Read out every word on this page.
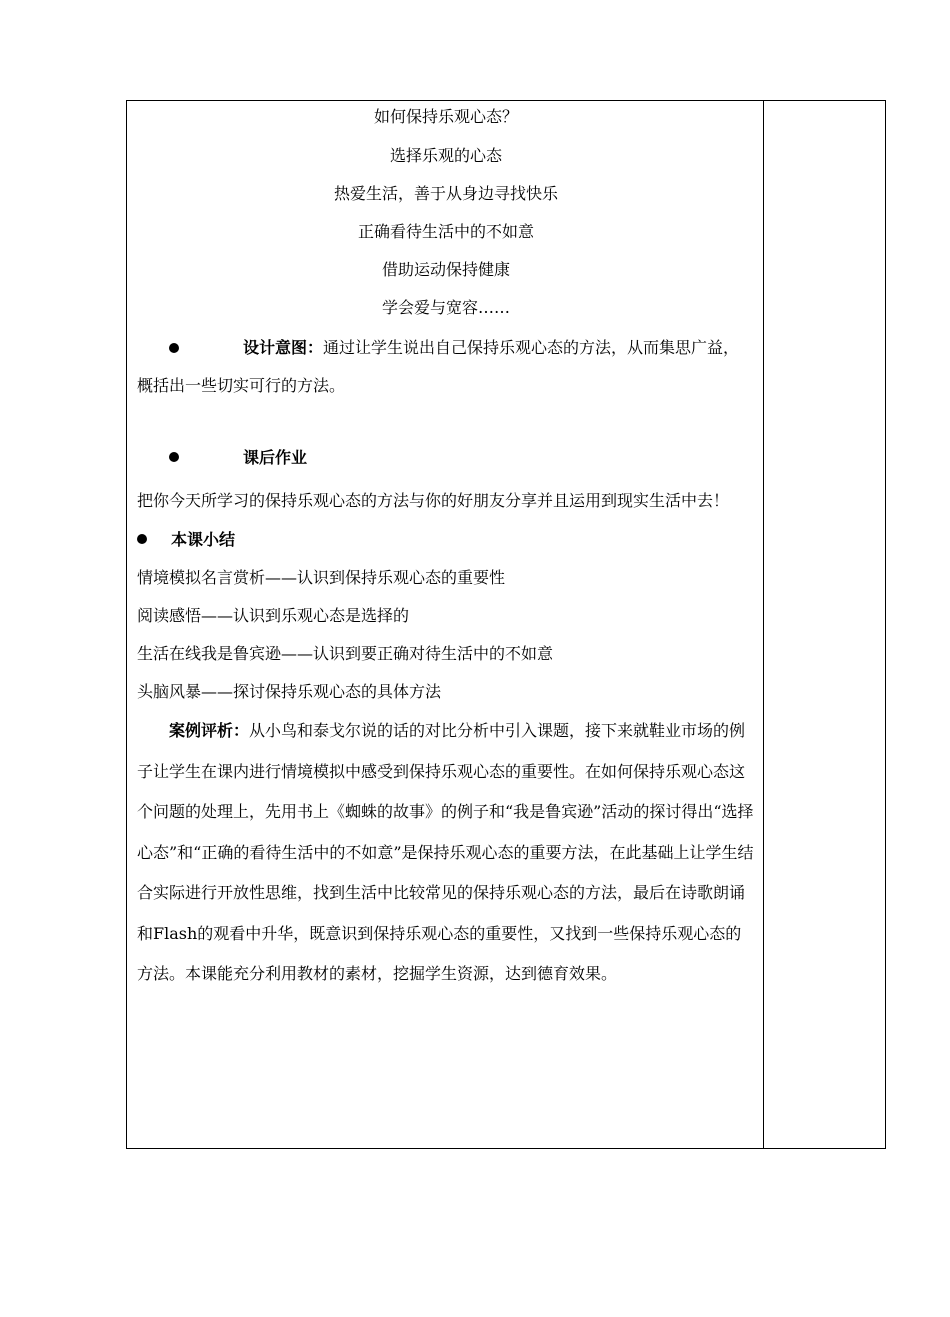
如何保持乐观心态？
选择乐观的心态
热爱生活，善于从身边寻找快乐
正确看待生活中的不如意
借助运动保持健康
学会爱与宽容……
设计意图：通过让学生说出自己保持乐观心态的方法，从而集思广益，概括出一些切实可行的方法。
课后作业
把你今天所学习的保持乐观心态的方法与你的好朋友分享并且运用到现实生活中去！
本课小结
情境模拟名言赏析——认识到保持乐观心态的重要性
阅读感悟——认识到乐观心态是选择的
生活在线我是鲁宾逊——认识到要正确对待生活中的不如意
头脑风暴——探讨保持乐观心态的具体方法
案例评析：从小鸟和泰戈尔说的话的对比分析中引入课题，接下来就鞋业市场的例子让学生在课内进行情境模拟中感受到保持乐观心态的重要性。在如何保持乐观心态这个问题的处理上，先用书上《蜘蛛的故事》的例子和“我是鲁宾逊”活动的探讨得出“选择心态”和“正确的看待生活中的不如意”是保持乐观心态的重要方法，在此基础上让学生结合实际进行开放性思维，找到生活中比较常见的保持乐观心态的方法，最后在诗歌朗诵和Flash的观看中升华，既意识到保持乐观心态的重要性，又找到一些保持乐观心态的方法。本课能充分利用教材的素材，挖掘学生资源，达到德育效果。
